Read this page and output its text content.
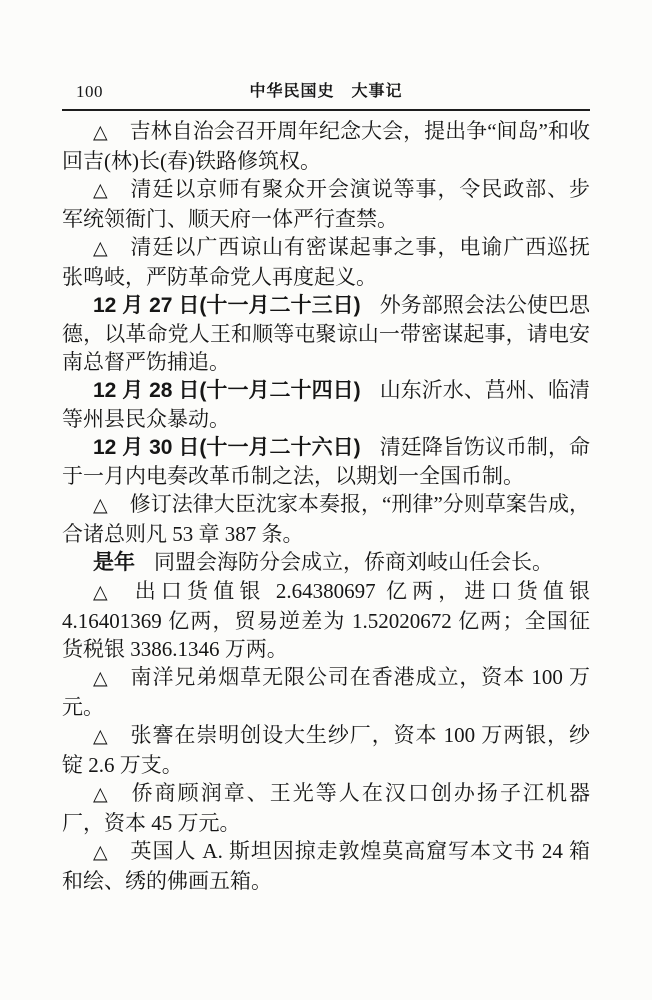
100	中华民国史　大事记

△ 吉林自治会召开周年纪念大会，提出争“间岛”和收回吉(林)长(春)铁路修筑权。

△ 清廷以京师有聚众开会演说等事，令民政部、步军统领衙门、顺天府一体严行查禁。

△ 清廷以广西谅山有密谋起事之事，电谕广西巡抚张鸣岐，严防革命党人再度起义。

12 月 27 日(十一月二十三日) 外务部照会法公使巴思德，以革命党人王和顺等屯聚谅山一带密谋起事，请电安南总督严饬捕追。

12 月 28 日(十一月二十四日) 山东沂水、莒州、临清等州县民众暴动。

12 月 30 日(十一月二十六日) 清廷降旨饬议币制，命于一月内电奏改革币制之法，以期划一全国币制。

△ 修订法律大臣沈家本奏报，“刑律”分则草案告成，合诸总则凡 53 章 387 条。

是年 同盟会海防分会成立，侨商刘岐山任会长。

△ 出口货值银 2.64380697 亿两，进口货值银 4.16401369 亿两，贸易逆差为 1.52020672 亿两；全国征货税银 3386.1346 万两。

△ 南洋兄弟烟草无限公司在香港成立，资本 100 万元。

△ 张謇在崇明创设大生纱厂，资本 100 万两银，纱锭 2.6 万支。

△ 侨商顾润章、王光等人在汉口创办扬子江机器厂，资本 45 万元。

△ 英国人 A. 斯坦因掠走敦煌莫高窟写本文书 24 箱和绘、绣的佛画五箱。
